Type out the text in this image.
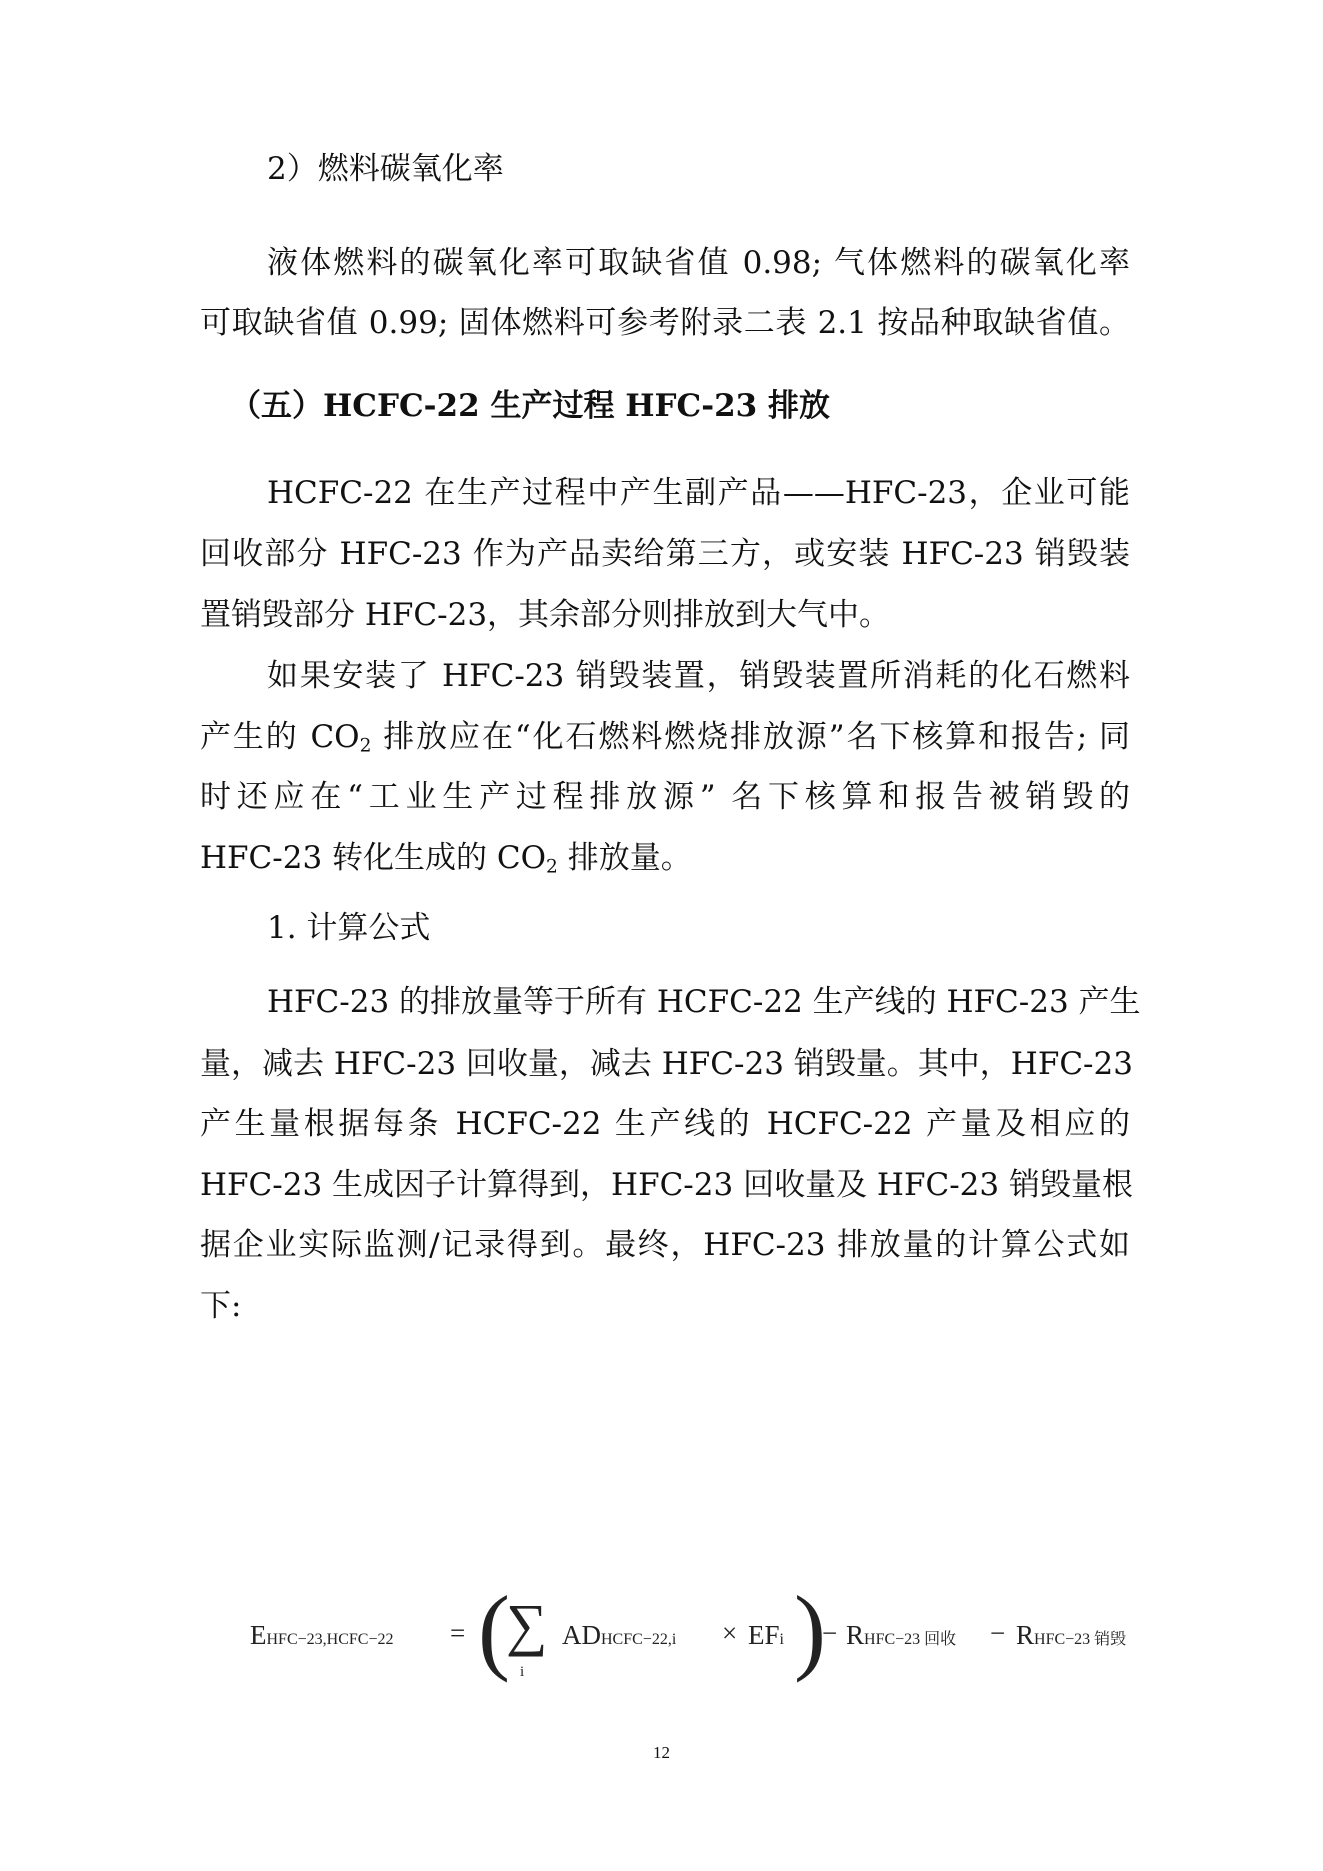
2）燃料碳氧化率
液体燃料的碳氧化率可取缺省值 0.98; 气体燃料的碳氧化率
可取缺省值 0.99; 固体燃料可参考附录二表 2.1 按品种取缺省值。
（五）HCFC-22 生产过程 HFC-23 排放
HCFC-22 在生产过程中产生副产品——HFC-23，企业可能
回收部分 HFC-23 作为产品卖给第三方，或安装 HFC-23 销毁装
置销毁部分 HFC-23，其余部分则排放到大气中。
如果安装了 HFC-23 销毁装置，销毁装置所消耗的化石燃料
产生的 $CO_2$ 排放应在“化石燃料燃烧排放源”名下核算和报告; 同
时还应在“工业生产过程排放源” 名下核算和报告被销毁的
HFC-23 转化生成的 $CO_2$ 排放量。
1. 计算公式
HFC-23 的排放量等于所有 HCFC-22 生产线的 HFC-23 产生
量，减去 HFC-23 回收量，减去 HFC-23 销毁量。其中，HFC-23
产生量根据每条 HCFC-22 生产线的 HCFC-22 产量及相应的
HFC-23 生成因子计算得到，HFC-23 回收量及 HFC-23 销毁量根
据企业实际监测/记录得到。最终，HFC-23 排放量的计算公式如
下:
EHFC−23,HCFC−22 = (
∑
i
ADHCFC−22,i × EFi )
− RHFC−23 回收 − RHFC−23 销毁
12
